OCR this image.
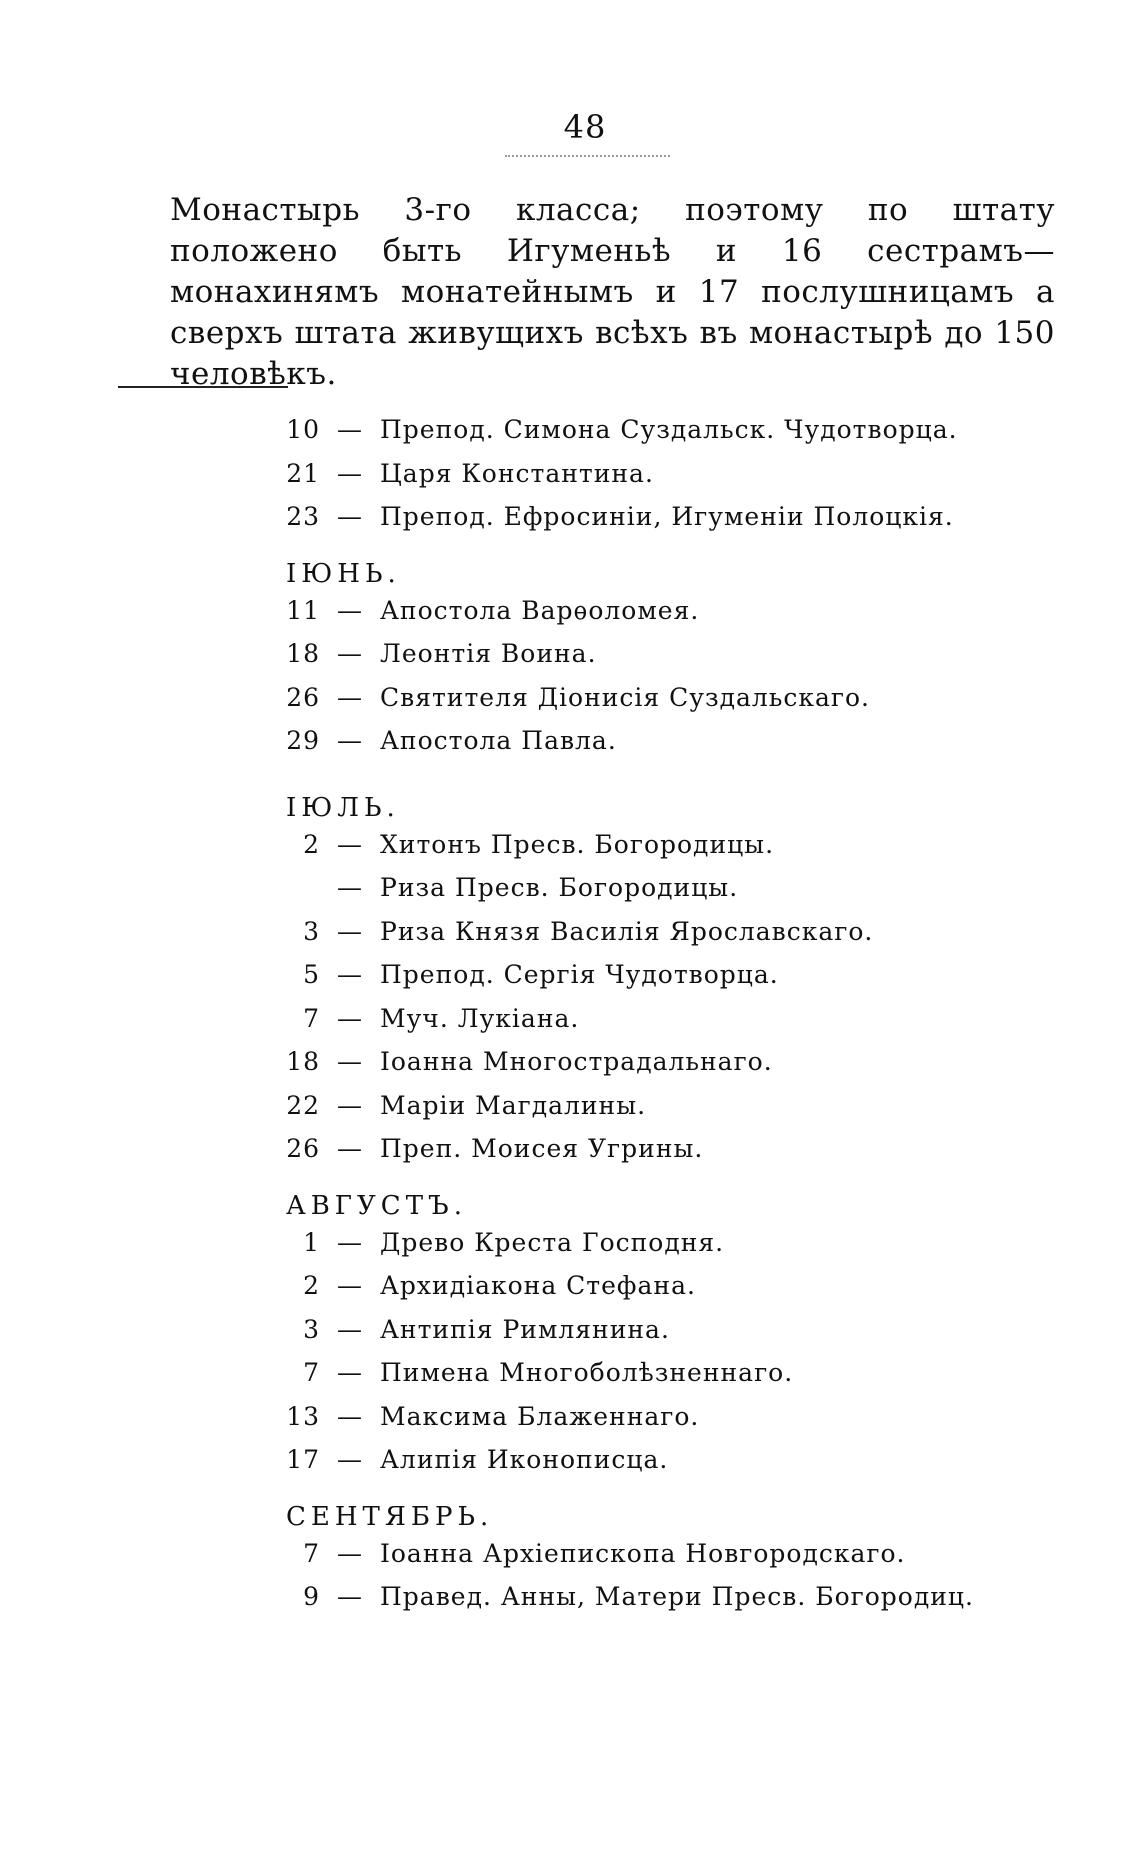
48
Монастырь 3-го класса; поэтому по штату положено быть Игуменьѣ и 16 сестрамъ—монахинямъ монатейнымъ и 17 послушницамъ а сверхъ штата живущихъ всѣхъ въ монастырѣ до 150 человѣкъ.
10 — Препод. Симона Суздальск. Чудотворца.
21 — Царя Константина.
23 — Препод. Ефросиніи, Игуменіи Полоцкія.
ІЮНЬ.
11 — Апостола Варѳоломея.
18 — Леонтія Воина.
26 — Святителя Діонисія Суздальскаго.
29 — Апостола Павла.
ІЮЛЬ.
2 — Хитонъ Пресв. Богородицы.
— Риза Пресв. Богородицы.
3 — Риза Князя Василія Ярославскаго.
5 — Препод. Сергія Чудотворца.
7 — Муч. Лукіана.
18 — Іоанна Многострадальнаго.
22 — Маріи Магдалины.
26 — Преп. Моисея Угрины.
АВГУСТЪ.
1 — Древо Креста Господня.
2 — Архидіакона Стефана.
3 — Антипія Римлянина.
7 — Пимена Многоболѣзненнаго.
13 — Максима Блаженнаго.
17 — Алипія Иконописца.
СЕНТЯБРЬ.
7 — Іоанна Архіепископа Новгородскаго.
9 — Правед. Анны, Матери Пресв. Богородиц.
